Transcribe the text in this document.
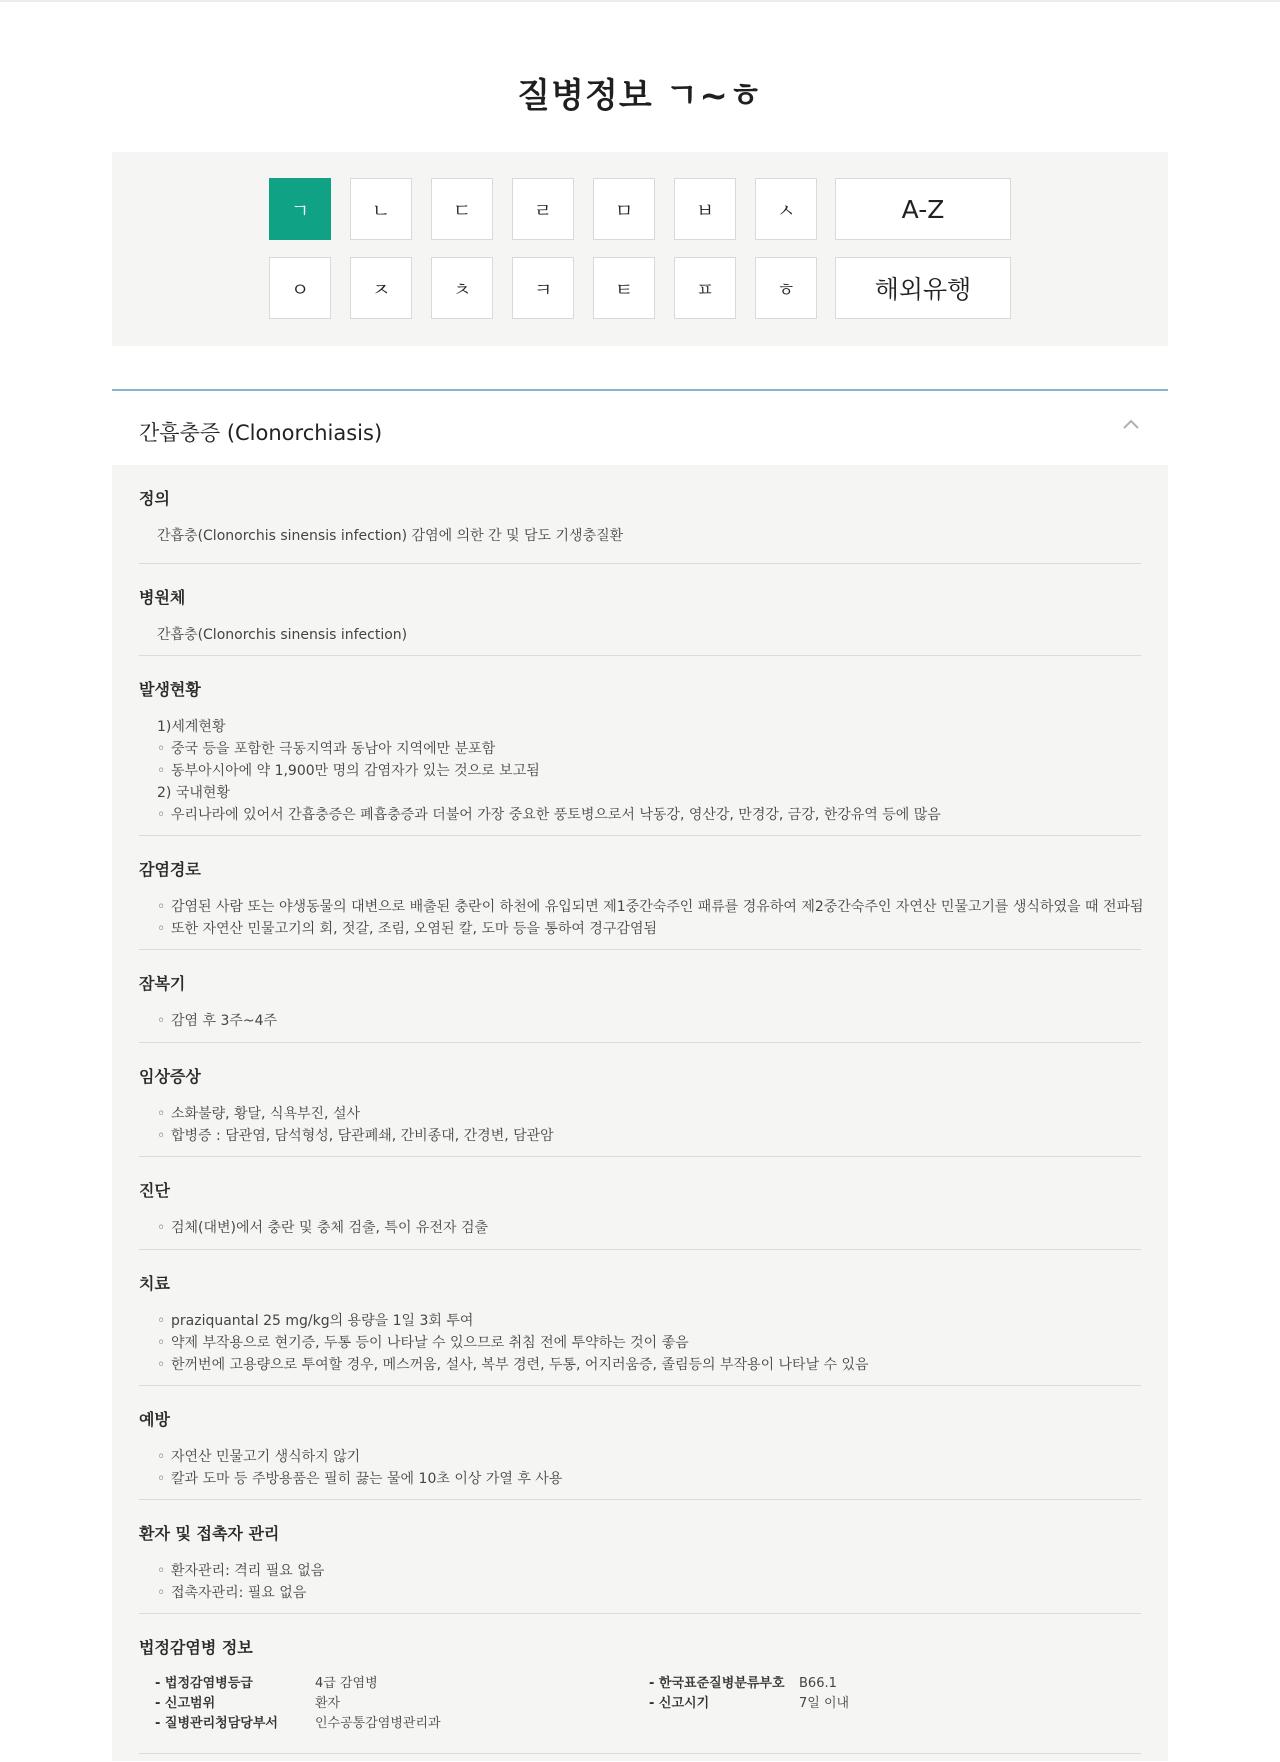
질병정보 ㄱ~ㅎ
ㄱ	ㄴ	ㄷ	ㄹ	ㅁ	ㅂ	ㅅ	A-Z
ㅇ	ㅈ	ㅊ	ㅋ	ㅌ	ㅍ	ㅎ	해외유행
간흡충증 (Clonorchiasis)
정의
간흡충(Clonorchis sinensis infection) 감염에 의한 간 및 담도 기생충질환
병원체
간흡충(Clonorchis sinensis infection)
발생현황
1)세계현황
◦ 중국 등을 포함한 극동지역과 동남아 지역에만 분포함
◦ 동부아시아에 약 1,900만 명의 감염자가 있는 것으로 보고됨
2) 국내현황
◦ 우리나라에 있어서 간흡충증은 폐흡충증과 더불어 가장 중요한 풍토병으로서 낙동강, 영산강, 만경강, 금강, 한강유역 등에 많음
감염경로
◦ 감염된 사람 또는 야생동물의 대변으로 배출된 충란이 하천에 유입되면 제1중간숙주인 패류를 경유하여 제2중간숙주인 자연산 민물고기를 생식하였을 때 전파됨
◦ 또한 자연산 민물고기의 회, 젓갈, 조림, 오염된 칼, 도마 등을 통하여 경구감염됨
잠복기
◦ 감염 후 3주~4주
임상증상
◦ 소화불량, 황달, 식욕부진, 설사
◦ 합병증 : 담관염, 담석형성, 담관폐쇄, 간비종대, 간경변, 담관암
진단
◦ 검체(대변)에서 충란 및 충체 검출, 특이 유전자 검출
치료
◦ praziquantal 25 mg/kg의 용량을 1일 3회 투여
◦ 약제 부작용으로 현기증, 두통 등이 나타날 수 있으므로 취침 전에 투약하는 것이 좋음
◦ 한꺼번에 고용량으로 투여할 경우, 메스꺼움, 설사, 복부 경련, 두통, 어지러움증, 졸림등의 부작용이 나타날 수 있음
예방
◦ 자연산 민물고기 생식하지 않기
◦ 칼과 도마 등 주방용품은 필히 끓는 물에 10초 이상 가열 후 사용
환자 및 접촉자 관리
◦ 환자관리: 격리 필요 없음
◦ 접촉자관리: 필요 없음
법정감염병 정보
- 법정감염병등급	4급 감염병
- 신고범위	환자
- 질병관리청담당부서	인수공통감염병관리과
- 한국표준질병분류부호 B66.1
- 신고시기	7일 이내
